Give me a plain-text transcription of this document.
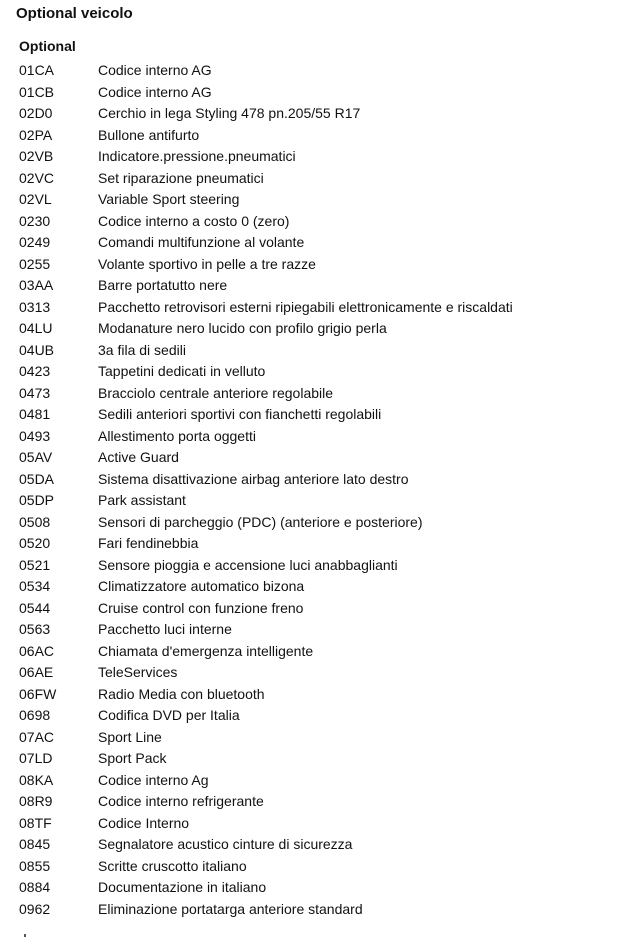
Optional veicolo
Optional
01CA	Codice interno AG
01CB	Codice interno AG
02D0	Cerchio in lega Styling 478 pn.205/55 R17
02PA	Bullone antifurto
02VB	Indicatore.pressione.pneumatici
02VC	Set riparazione pneumatici
02VL	Variable Sport steering
0230	Codice interno a costo 0 (zero)
0249	Comandi multifunzione al volante
0255	Volante sportivo in pelle a tre razze
03AA	Barre portatutto nere
0313	Pacchetto retrovisori esterni ripiegabili elettronicamente e riscaldati
04LU	Modanature nero lucido con profilo grigio perla
04UB	3a fila di sedili
0423	Tappetini dedicati in velluto
0473	Bracciolo centrale anteriore regolabile
0481	Sedili anteriori sportivi con fianchetti regolabili
0493	Allestimento porta oggetti
05AV	Active Guard
05DA	Sistema disattivazione airbag anteriore lato destro
05DP	Park assistant
0508	Sensori di parcheggio (PDC) (anteriore e posteriore)
0520	Fari fendinebbia
0521	Sensore pioggia e accensione luci anabbaglianti
0534	Climatizzatore automatico bizona
0544	Cruise control con funzione freno
0563	Pacchetto luci interne
06AC	Chiamata d'emergenza intelligente
06AE	TeleServices
06FW	Radio Media con bluetooth
0698	Codifica DVD per Italia
07AC	Sport Line
07LD	Sport Pack
08KA	Codice interno Ag
08R9	Codice interno refrigerante
08TF	Codice Interno
0845	Segnalatore acustico cinture di sicurezza
0855	Scritte cruscotto italiano
0884	Documentazione in italiano
0962	Eliminazione portatarga anteriore standard
